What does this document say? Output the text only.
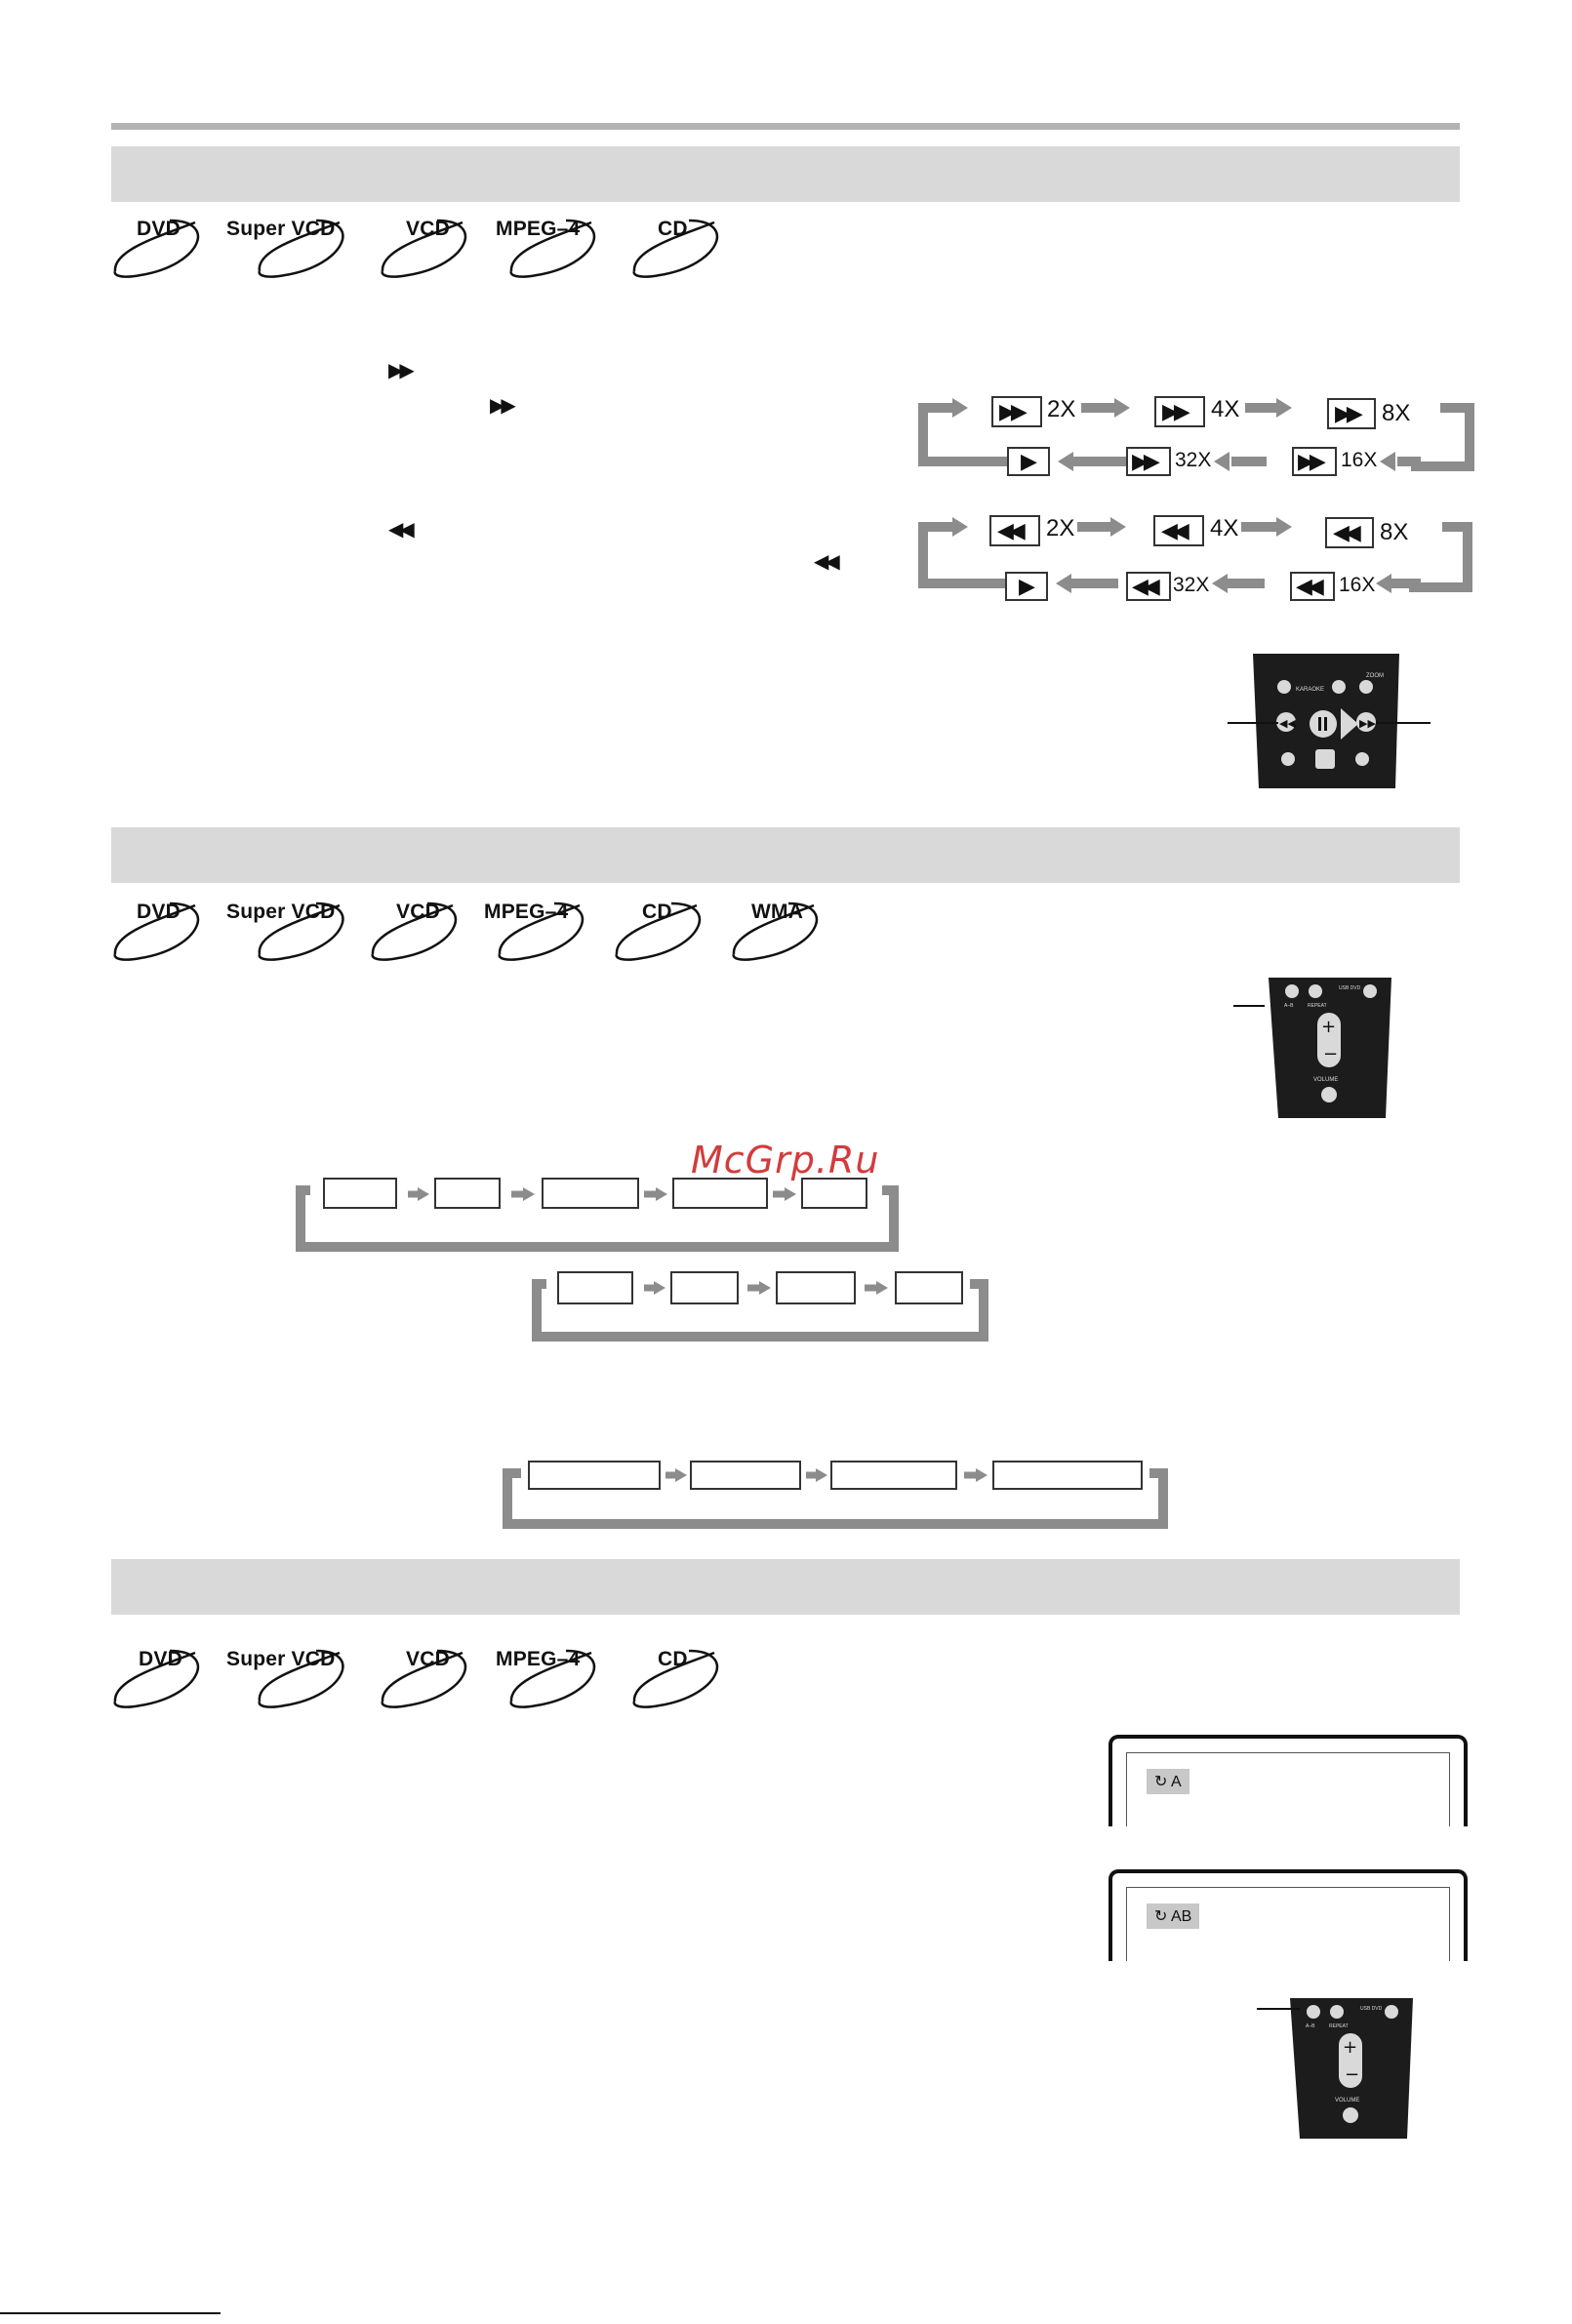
DVD Super VCD	VCD MPEG–4	CD
▶▶
▶▶
◀◀
◀◀
▶▶ 2X	▶▶ 4X	▶▶ 8X
▶	▶▶ 32X	▶▶ 16X
◀◀ 2X	◀◀ 4X	◀◀ 8X
▶	◀◀ 32X	◀◀ 16X
KARAOKE
ZOOM
◀◀	▶▶
DVD Super VCD	VCD MPEG–4	CD	WMA
A–B	REPEAT
USB DVD
+
−
VOLUME
McGrp.Ru
DVD Super VCD	VCD MPEG–4	CD
↻ A
↻ AB
A–B	REPEAT
USB DVD
+
−
VOLUME
